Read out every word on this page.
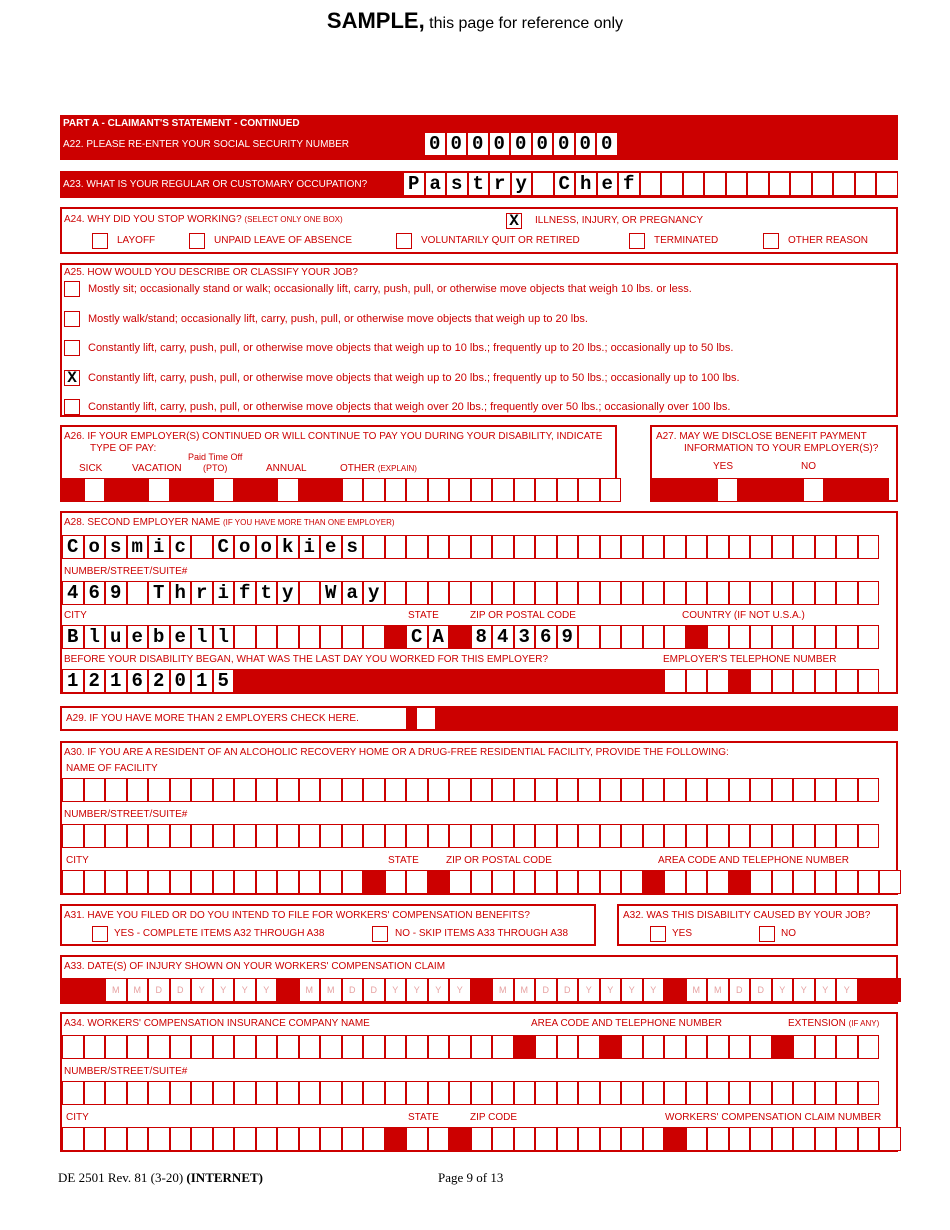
SAMPLE, this page for reference only
PART A - CLAIMANT'S STATEMENT - CONTINUED
A22. PLEASE RE-ENTER YOUR SOCIAL SECURITY NUMBER	0 0 0 0 0 0 0 0 0
A23. WHAT IS YOUR REGULAR OR CUSTOMARY OCCUPATION? P a s t r y C h e f
A24. WHY DID YOU STOP WORKING? (SELECT ONLY ONE BOX)	X	ILLNESS, INJURY, OR PREGNANCY
LAYOFF	UNPAID LEAVE OF ABSENCE	VOLUNTARILY QUIT OR RETIRED	TERMINATED	OTHER REASON
A25. HOW WOULD YOU DESCRIBE OR CLASSIFY YOUR JOB?
Mostly sit; occasionally stand or walk; occasionally lift, carry, push, pull, or otherwise move objects that weigh 10 lbs. or less.
Mostly walk/stand; occasionally lift, carry, push, pull, or otherwise move objects that weigh up to 20 lbs.
Constantly lift, carry, push, pull, or otherwise move objects that weigh up to 10 lbs.; frequently up to 20 lbs.; occasionally up to 50 lbs.
X Constantly lift, carry, push, pull, or otherwise move objects that weigh up to 20 lbs.; frequently up to 50 lbs.; occasionally up to 100 lbs.
Constantly lift, carry, push, pull, or otherwise move objects that weigh over 20 lbs.; frequently over 50 lbs.; occasionally over 100 lbs.
A26. IF YOUR EMPLOYER(S) CONTINUED OR WILL CONTINUE TO PAY YOU DURING YOUR DISABILITY, INDICATE
TYPE OF PAY:
SICK	VACATION
Paid Time Off
(PTO)	ANNUAL	OTHER (EXPLAIN)
A27. MAY WE DISCLOSE BENEFIT PAYMENT
INFORMATION TO YOUR EMPLOYER(S)?
YES	NO
A28. SECOND EMPLOYER NAME (IF YOU HAVE MORE THAN ONE EMPLOYER)
C o s m i c C o o k i e s
NUMBER/STREET/SUITE#
4 6 9 T h r i f t y W a y
CITY	STATE	ZIP OR POSTAL CODE	COUNTRY (IF NOT U.S.A.)
B l u e b e l l	C A 8 4 3 6 9
BEFORE YOUR DISABILITY BEGAN, WHAT WAS THE LAST DAY YOU WORKED FOR THIS EMPLOYER?	EMPLOYER'S TELEPHONE NUMBER
1 2 1 6 2 0 1 5
A29. IF YOU HAVE MORE THAN 2 EMPLOYERS CHECK HERE.
A30. IF YOU ARE A RESIDENT OF AN ALCOHOLIC RECOVERY HOME OR A DRUG-FREE RESIDENTIAL FACILITY, PROVIDE THE FOLLOWING:
NAME OF FACILITY
NUMBER/STREET/SUITE#
CITY	STATE	ZIP OR POSTAL CODE	AREA CODE AND TELEPHONE NUMBER
A31. HAVE YOU FILED OR DO YOU INTEND TO FILE FOR WORKERS' COMPENSATION BENEFITS?
YES - COMPLETE ITEMS A32 THROUGH A38	NO - SKIP ITEMS A33 THROUGH A38
A32. WAS THIS DISABILITY CAUSED BY YOUR JOB?
YES	NO
A33. DATE(S) OF INJURY SHOWN ON YOUR WORKERS' COMPENSATION CLAIM
M	M	D	D	Y	Y	Y	Y	M	M	D	D	Y	Y	Y	Y	M	M	D	D	Y	Y	Y	Y	M	M	D	D	Y	Y	Y	Y
A34. WORKERS' COMPENSATION INSURANCE COMPANY NAME	AREA CODE AND TELEPHONE NUMBER	EXTENSION (IF ANY)
NUMBER/STREET/SUITE#
CITY	STATE	ZIP CODE	WORKERS' COMPENSATION CLAIM NUMBER
DE 2501 Rev. 81 (3-20) (INTERNET)	Page 9 of 13
